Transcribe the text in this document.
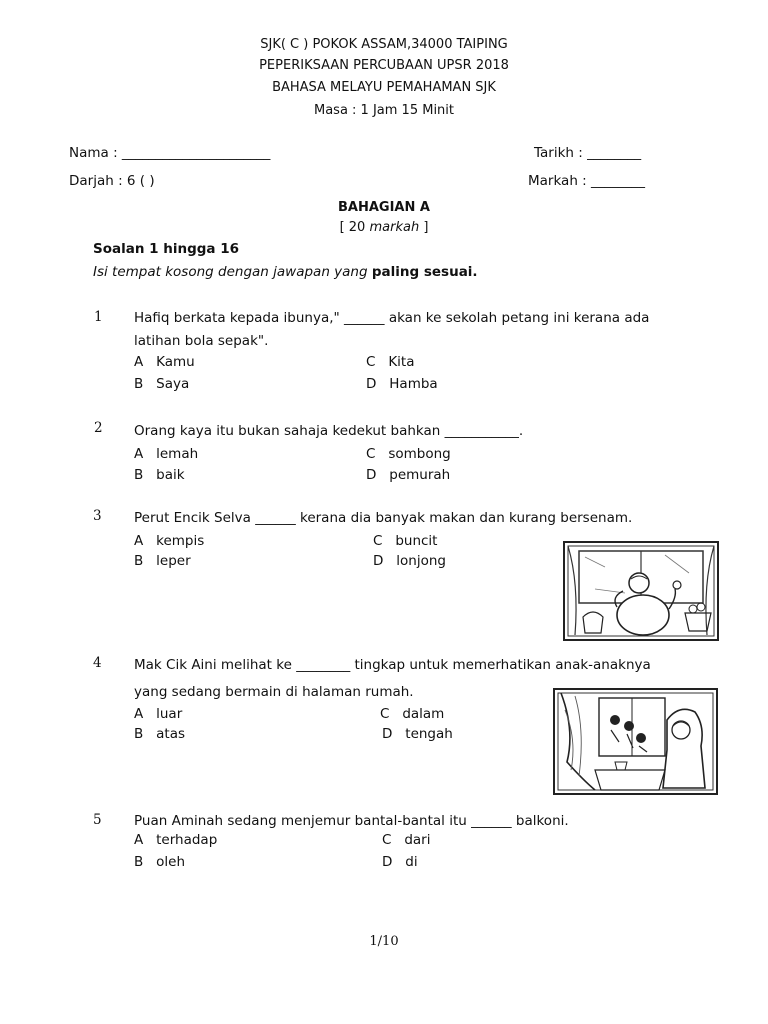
SJK( C ) POKOK ASSAM,34000 TAIPING
PEPERIKSAAN PERCUBAAN UPSR 2018
BAHASA MELAYU PEMAHAMAN SJK
Masa : 1 Jam 15 Minit
Nama : ______________________	Tarikh : ________
Darjah : 6 ( )	Markah : ________
BAHAGIAN A
[ 20 markah ]
Soalan 1 hingga 16
Isi tempat kosong dengan jawapan yang paling sesuai.
1 Hafiq berkata kepada ibunya," ______ akan ke sekolah petang ini kerana ada
latihan bola sepak".
A Kamu
B Saya
C Kita
D Hamba
2 Orang kaya itu bukan sahaja kedekut bahkan ___________.
A lemah
B baik
C sombong
D pemurah
3 Perut Encik Selva ______ kerana dia banyak makan dan kurang bersenam.
A kempis
B leper
C buncit
D lonjong
4 Mak Cik Aini melihat ke ________ tingkap untuk memerhatikan anak-anaknya
yang sedang bermain di halaman rumah.
A luar
B atas
C dalam
D tengah
5 Puan Aminah sedang menjemur bantal-bantal itu ______ balkoni.
A terhadap
B oleh
C dari
D di
1/10
